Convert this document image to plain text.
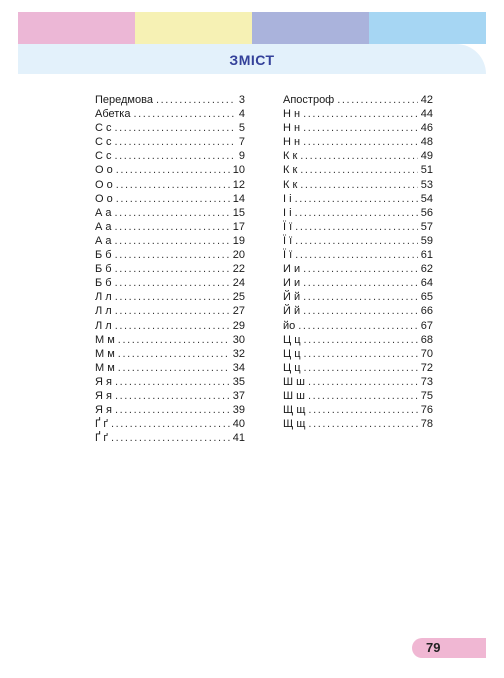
ЗМІСТ
Передмова .....	3
Абетка .....	4
С с .....	5
С с .....	7
С с .....	9
О о .....	10
О о .....	12
О о .....	14
А а .....	15
А а .....	17
А а .....	19
Б б .....	20
Б б .....	22
Б б .....	24
Л л .....	25
Л л .....	27
Л л .....	29
М м .....	30
М м .....	32
М м .....	34
Я я .....	35
Я я .....	37
Я я .....	39
Ґ ґ .....	40
Ґ ґ .....	41
Апостроф .....	42
Н н .....	44
Н н .....	46
Н н .....	48
К к .....	49
К к .....	51
К к .....	53
І і .....	54
І і .....	56
Ї ї .....	57
Ї ї .....	59
Ї ї .....	61
И и .....	62
И и .....	64
Й й .....	65
Й й .....	66
йо .....	67
Ц ц .....	68
Ц ц .....	70
Ц ц .....	72
Ш ш .....	73
Ш ш .....	75
Щ щ .....	76
Щ щ .....	78
79
